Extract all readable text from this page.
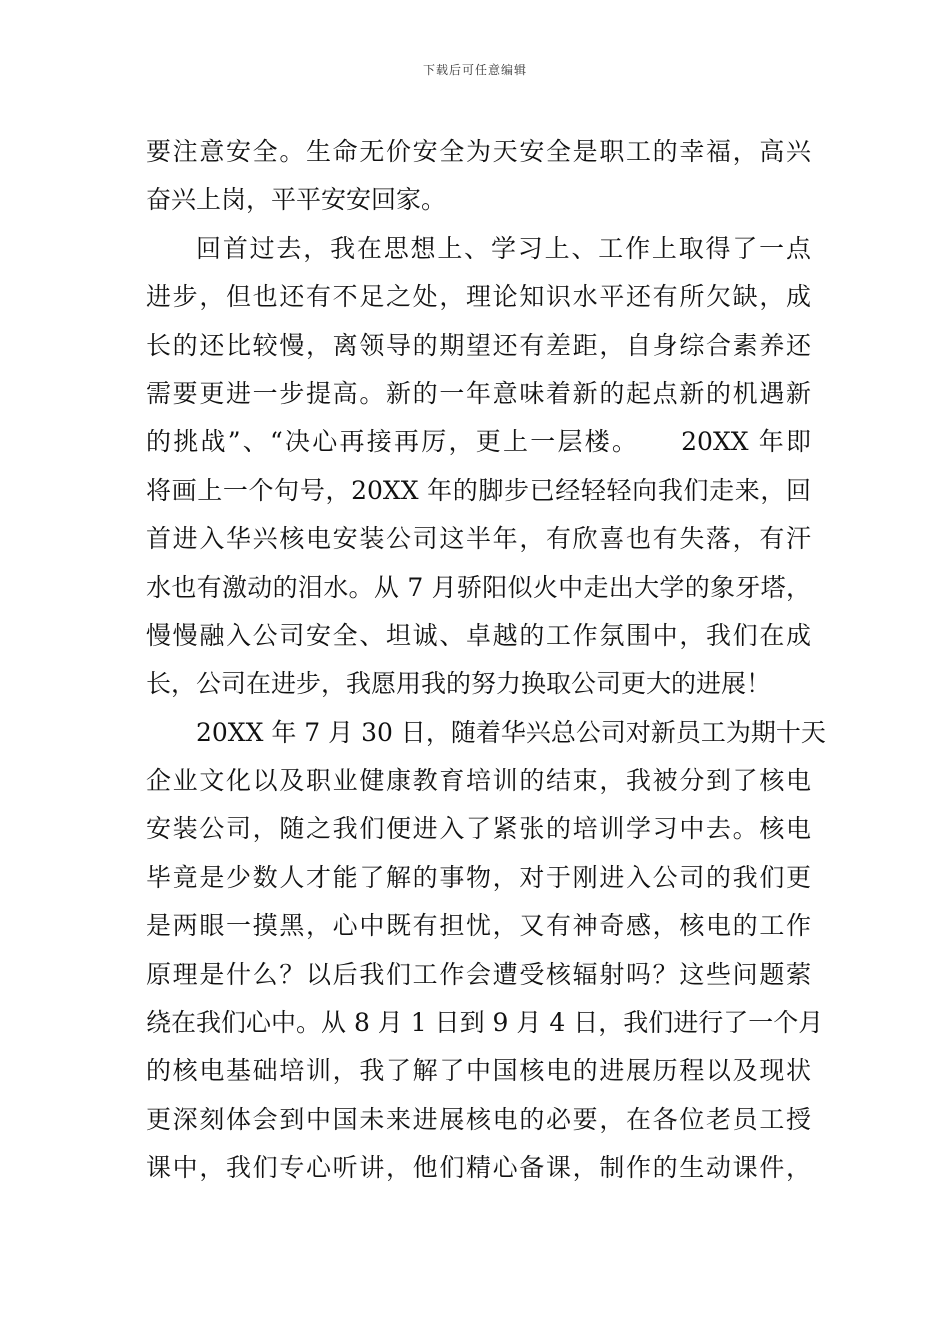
下载后可任意编辑
要注意安全。生命无价安全为天安全是职工的幸福，高兴
奋兴上岗，平平安安回家。
回首过去，我在思想上、学习上、工作上取得了一点
进步，但也还有不足之处，理论知识水平还有所欠缺，成
长的还比较慢，离领导的期望还有差距，自身综合素养还
需要更进一步提高。新的一年意味着新的起点新的机遇新
的挑战”、“决心再接再厉，更上一层楼。　　20XX 年即
将画上一个句号，20XX 年的脚步已经轻轻向我们走来，回
首进入华兴核电安装公司这半年，有欣喜也有失落，有汗
水也有激动的泪水。从 7 月骄阳似火中走出大学的象牙塔，
慢慢融入公司安全、坦诚、卓越的工作氛围中，我们在成
长，公司在进步，我愿用我的努力换取公司更大的进展！
20XX 年 7 月 30 日，随着华兴总公司对新员工为期十天
企业文化以及职业健康教育培训的结束，我被分到了核电
安装公司，随之我们便进入了紧张的培训学习中去。核电
毕竟是少数人才能了解的事物，对于刚进入公司的我们更
是两眼一摸黑，心中既有担忧，又有神奇感，核电的工作
原理是什么？以后我们工作会遭受核辐射吗？这些问题萦
绕在我们心中。从 8 月 1 日到 9 月 4 日，我们进行了一个月
的核电基础培训，我了解了中国核电的进展历程以及现状
更深刻体会到中国未来进展核电的必要，在各位老员工授
课中，我们专心听讲，他们精心备课，制作的生动课件，
